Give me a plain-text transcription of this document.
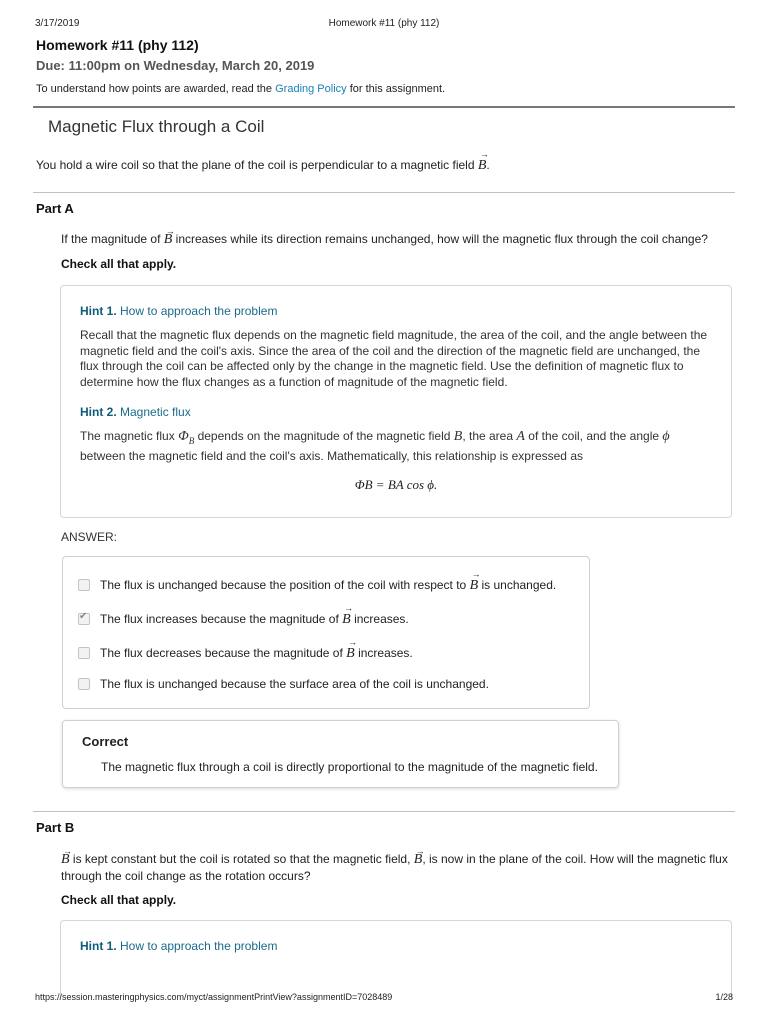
3/17/2019	Homework #11 (phy 112)
Homework #11 (phy 112)
Due: 11:00pm on Wednesday, March 20, 2019
To understand how points are awarded, read the Grading Policy for this assignment.
Magnetic Flux through a Coil
You hold a wire coil so that the plane of the coil is perpendicular to a magnetic field → B.
Part A
If the magnitude of → B increases while its direction remains unchanged, how will the magnetic flux through the coil change?
Check all that apply.
Hint 1. How to approach the problem
Recall that the magnetic flux depends on the magnetic field magnitude, the area of the coil, and the angle between the magnetic field and the coil's axis. Since the area of the coil and the direction of the magnetic field are unchanged, the flux through the coil can be affected only by the change in the magnetic field. Use the definition of magnetic flux to determine how the flux changes as a function of magnitude of the magnetic field.
Hint 2. Magnetic flux
The magnetic flux $\Phi_B$ depends on the magnitude of the magnetic field B, the area A of the coil, and the angle ϕ between the magnetic field and the coil's axis. Mathematically, this relationship is expressed as
ΦB = BA cos ϕ.
ANSWER:
The flux is unchanged because the position of the coil with respect to → B is unchanged.
✔The flux increases because the magnitude of → B increases.
The flux decreases because the magnitude of → B increases.
The flux is unchanged because the surface area of the coil is unchanged.
Correct
The magnetic flux through a coil is directly proportional to the magnitude of the magnetic field.
Part B
→ B is kept constant but the coil is rotated so that the magnetic field, → B, is now in the plane of the coil. How will the magnetic flux through the coil change as the rotation occurs?
Check all that apply.
Hint 1. How to approach the problem
https://session.masteringphysics.com/myct/assignmentPrintView?assignmentID=7028489	1/28
